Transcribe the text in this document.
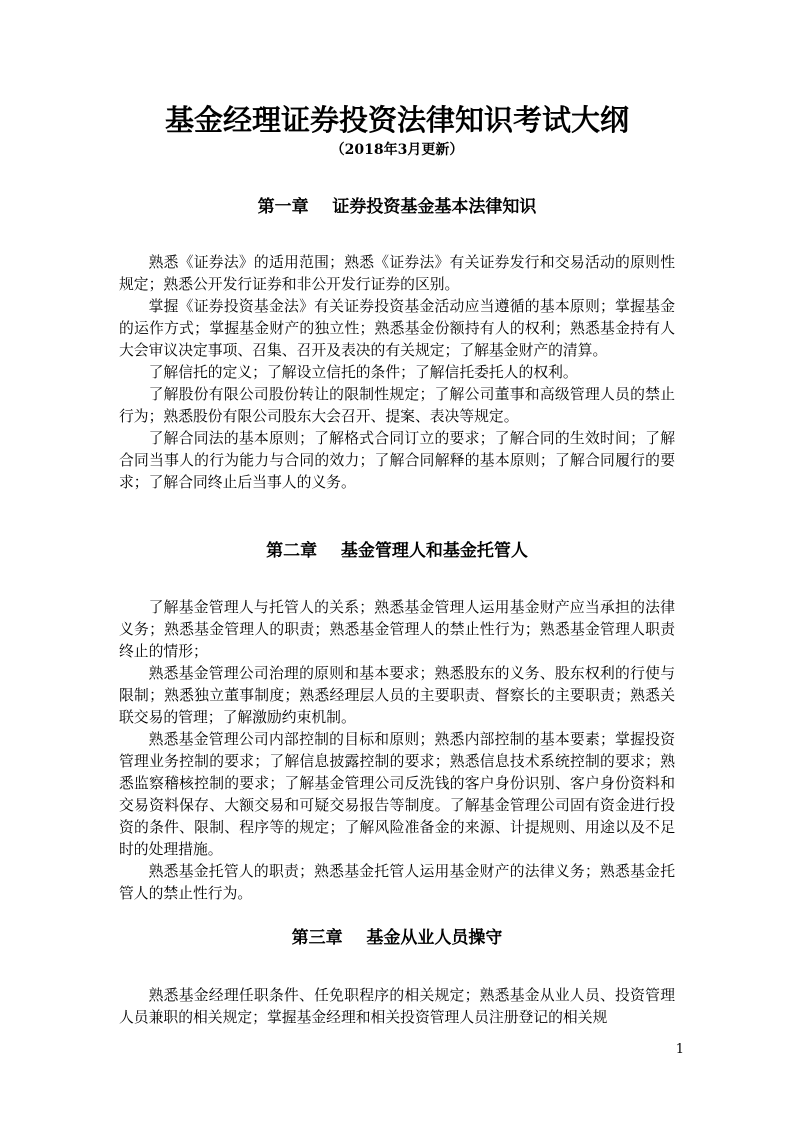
基金经理证券投资法律知识考试大纲
（2018年3月更新）
第一章    证券投资基金基本法律知识

熟悉《证券法》的适用范围；熟悉《证券法》有关证券发行和交易活动的原则性规定；熟悉公开发行证券和非公开发行证券的区别。

掌握《证券投资基金法》有关证券投资基金活动应当遵循的基本原则；掌握基金的运作方式；掌握基金财产的独立性；熟悉基金份额持有人的权利；熟悉基金持有人大会审议决定事项、召集、召开及表决的有关规定；了解基金财产的清算。

了解信托的定义；了解设立信托的条件；了解信托委托人的权利。

了解股份有限公司股份转让的限制性规定；了解公司董事和高级管理人员的禁止行为；熟悉股份有限公司股东大会召开、提案、表决等规定。

了解合同法的基本原则；了解格式合同订立的要求；了解合同的生效时间；了解合同当事人的行为能力与合同的效力；了解合同解释的基本原则；了解合同履行的要求；了解合同终止后当事人的义务。

第二章    基金管理人和基金托管人

了解基金管理人与托管人的关系；熟悉基金管理人运用基金财产应当承担的法律义务；熟悉基金管理人的职责；熟悉基金管理人的禁止性行为；熟悉基金管理人职责终止的情形；

熟悉基金管理公司治理的原则和基本要求；熟悉股东的义务、股东权利的行使与限制；熟悉独立董事制度；熟悉经理层人员的主要职责、督察长的主要职责；熟悉关联交易的管理；了解激励约束机制。

熟悉基金管理公司内部控制的目标和原则；熟悉内部控制的基本要素；掌握投资管理业务控制的要求；了解信息披露控制的要求；熟悉信息技术系统控制的要求；熟悉监察稽核控制的要求；了解基金管理公司反洗钱的客户身份识别、客户身份资料和交易资料保存、大额交易和可疑交易报告等制度。了解基金管理公司固有资金进行投资的条件、限制、程序等的规定；了解风险准备金的来源、计提规则、用途以及不足时的处理措施。

熟悉基金托管人的职责；熟悉基金托管人运用基金财产的法律义务；熟悉基金托管人的禁止性行为。

第三章    基金从业人员操守

熟悉基金经理任职条件、任免职程序的相关规定；熟悉基金从业人员、投资管理人员兼职的相关规定；掌握基金经理和相关投资管理人员注册登记的相关规

1
